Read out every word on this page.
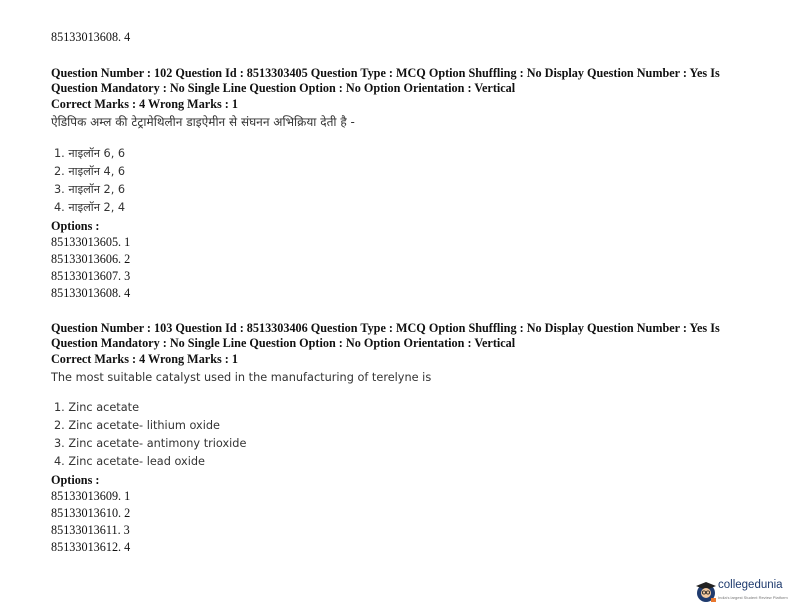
85133013608. 4
Question Number : 102 Question Id : 8513303405 Question Type : MCQ Option Shuffling : No Display Question Number : Yes Is Question Mandatory : No Single Line Question Option : No Option Orientation : Vertical
Correct Marks : 4 Wrong Marks : 1
ऐडिपिक अम्ल की टेट्रामेथिलीन डाइऐमीन से संघनन अभिक्रिया देती है -
1. नाइलॉन 6, 6
2. नाइलॉन 4, 6
3. नाइलॉन 2, 6
4. नाइलॉन 2, 4
Options :
85133013605. 1
85133013606. 2
85133013607. 3
85133013608. 4
Question Number : 103 Question Id : 8513303406 Question Type : MCQ Option Shuffling : No Display Question Number : Yes Is Question Mandatory : No Single Line Question Option : No Option Orientation : Vertical
Correct Marks : 4 Wrong Marks : 1
The most suitable catalyst used in the manufacturing of terelyne is
1. Zinc acetate
2. Zinc acetate- lithium oxide
3. Zinc acetate- antimony trioxide
4. Zinc acetate- lead oxide
Options :
85133013609. 1
85133013610. 2
85133013611. 3
85133013612. 4
collegedunia
India's largest Student Review Platform
